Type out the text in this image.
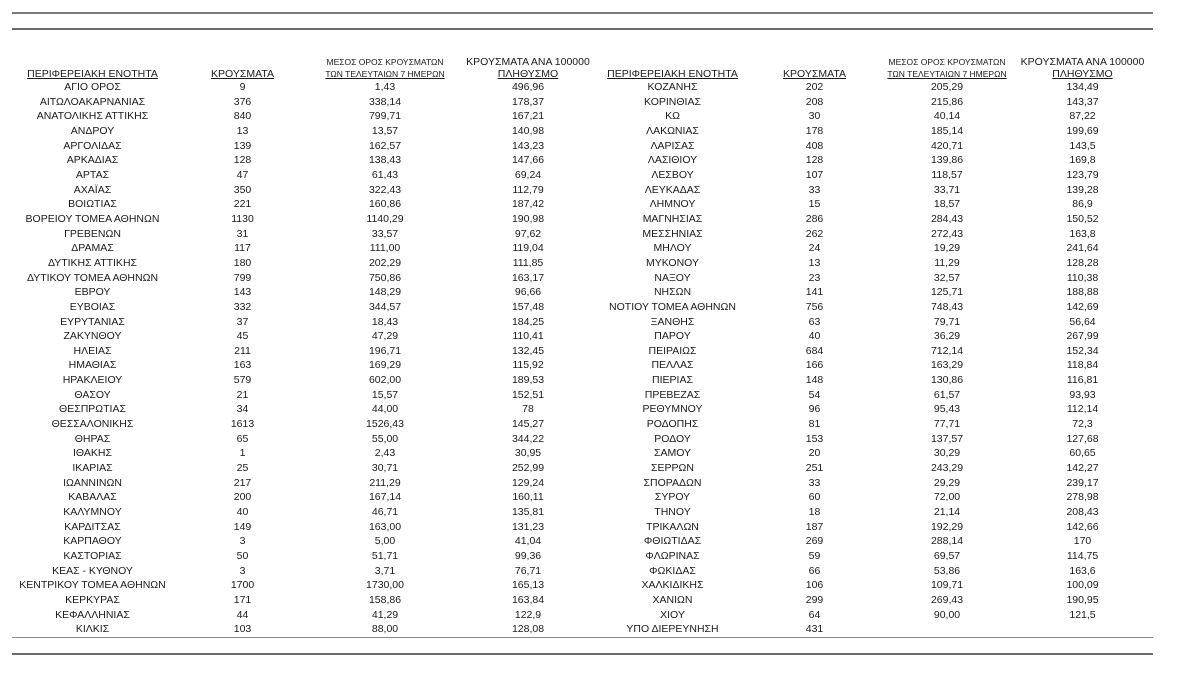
ΠΕΡΙΦΕΡΕΙΑΚΗ ΕΝΟΤΗΤΑ	ΚΡΟΥΣΜΑΤΑ	ΜΕΣΟΣ ΟΡΟΣ ΚΡΟΥΣΜΑΤΩΝ
ΤΩΝ ΤΕΛΕΥΤΑΙΩΝ 7 ΗΜΕΡΩΝ	ΚΡΟΥΣΜΑΤΑ ΑΝΑ 100000
ΠΛΗΘΥΣΜΟ	ΠΕΡΙΦΕΡΕΙΑΚΗ ΕΝΟΤΗΤΑ	ΚΡΟΥΣΜΑΤΑ	ΜΕΣΟΣ ΟΡΟΣ ΚΡΟΥΣΜΑΤΩΝ
ΤΩΝ ΤΕΛΕΥΤΑΙΩΝ 7 ΗΜΕΡΩΝ	ΚΡΟΥΣΜΑΤΑ ΑΝΑ 100000
ΠΛΗΘΥΣΜΟ

ΑΓΙΟ ΟΡΟΣ	9	1,43	496,96	ΚΟΖΑΝΗΣ	202	205,29	134,49
ΑΙΤΩΛΟΑΚΑΡΝΑΝΙΑΣ	376	338,14	178,37	ΚΟΡΙΝΘΙΑΣ	208	215,86	143,37
ΑΝΑΤΟΛΙΚΗΣ ΑΤΤΙΚΗΣ	840	799,71	167,21	ΚΩ	30	40,14	87,22
ΑΝΔΡΟΥ	13	13,57	140,98	ΛΑΚΩΝΙΑΣ	178	185,14	199,69
ΑΡΓΟΛΙΔΑΣ	139	162,57	143,23	ΛΑΡΙΣΑΣ	408	420,71	143,5
ΑΡΚΑΔΙΑΣ	128	138,43	147,66	ΛΑΣΙΘΙΟΥ	128	139,86	169,8
ΑΡΤΑΣ	47	61,43	69,24	ΛΕΣΒΟΥ	107	118,57	123,79
ΑΧΑΪΑΣ	350	322,43	112,79	ΛΕΥΚΑΔΑΣ	33	33,71	139,28
ΒΟΙΩΤΙΑΣ	221	160,86	187,42	ΛΗΜΝΟΥ	15	18,57	86,9
ΒΟΡΕΙΟΥ ΤΟΜΕΑ ΑΘΗΝΩΝ	1130	1140,29	190,98	ΜΑΓΝΗΣΙΑΣ	286	284,43	150,52
ΓΡΕΒΕΝΩΝ	31	33,57	97,62	ΜΕΣΣΗΝΙΑΣ	262	272,43	163,8
ΔΡΑΜΑΣ	117	111,00	119,04	ΜΗΛΟΥ	24	19,29	241,64
ΔΥΤΙΚΗΣ ΑΤΤΙΚΗΣ	180	202,29	111,85	ΜΥΚΟΝΟΥ	13	11,29	128,28
ΔΥΤΙΚΟΥ ΤΟΜΕΑ ΑΘΗΝΩΝ	799	750,86	163,17	ΝΑΞΟΥ	23	32,57	110,38
ΕΒΡΟΥ	143	148,29	96,66	ΝΗΣΩΝ	141	125,71	188,88
ΕΥΒΟΙΑΣ	332	344,57	157,48	ΝΟΤΙΟΥ ΤΟΜΕΑ ΑΘΗΝΩΝ	756	748,43	142,69
ΕΥΡΥΤΑΝΙΑΣ	37	18,43	184,25	ΞΑΝΘΗΣ	63	79,71	56,64
ΖΑΚΥΝΘΟΥ	45	47,29	110,41	ΠΑΡΟΥ	40	36,29	267,99
ΗΛΕΙΑΣ	211	196,71	132,45	ΠΕΙΡΑΙΩΣ	684	712,14	152,34
ΗΜΑΘΙΑΣ	163	169,29	115,92	ΠΕΛΛΑΣ	166	163,29	118,84
ΗΡΑΚΛΕΙΟΥ	579	602,00	189,53	ΠΙΕΡΙΑΣ	148	130,86	116,81
ΘΑΣΟΥ	21	15,57	152,51	ΠΡΕΒΕΖΑΣ	54	61,57	93,93
ΘΕΣΠΡΩΤΙΑΣ	34	44,00	78	ΡΕΘΥΜΝΟΥ	96	95,43	112,14
ΘΕΣΣΑΛΟΝΙΚΗΣ	1613	1526,43	145,27	ΡΟΔΟΠΗΣ	81	77,71	72,3
ΘΗΡΑΣ	65	55,00	344,22	ΡΟΔΟΥ	153	137,57	127,68
ΙΘΑΚΗΣ	1	2,43	30,95	ΣΑΜΟΥ	20	30,29	60,65
ΙΚΑΡΙΑΣ	25	30,71	252,99	ΣΕΡΡΩΝ	251	243,29	142,27
ΙΩΑΝΝΙΝΩΝ	217	211,29	129,24	ΣΠΟΡΑΔΩΝ	33	29,29	239,17
ΚΑΒΑΛΑΣ	200	167,14	160,11	ΣΥΡΟΥ	60	72,00	278,98
ΚΑΛΥΜΝΟΥ	40	46,71	135,81	ΤΗΝΟΥ	18	21,14	208,43
ΚΑΡΔΙΤΣΑΣ	149	163,00	131,23	ΤΡΙΚΑΛΩΝ	187	192,29	142,66
ΚΑΡΠΑΘΟΥ	3	5,00	41,04	ΦΘΙΩΤΙΔΑΣ	269	288,14	170
ΚΑΣΤΟΡΙΑΣ	50	51,71	99,36	ΦΛΩΡΙΝΑΣ	59	69,57	114,75
ΚΕΑΣ - ΚΥΘΝΟΥ	3	3,71	76,71	ΦΩΚΙΔΑΣ	66	53,86	163,6
ΚΕΝΤΡΙΚΟΥ ΤΟΜΕΑ ΑΘΗΝΩΝ	1700	1730,00	165,13	ΧΑΛΚΙΔΙΚΗΣ	106	109,71	100,09
ΚΕΡΚΥΡΑΣ	171	158,86	163,84	ΧΑΝΙΩΝ	299	269,43	190,95
ΚΕΦΑΛΛΗΝΙΑΣ	44	41,29	122,9	ΧΙΟΥ	64	90,00	121,5
ΚΙΛΚΙΣ	103	88,00	128,08	ΥΠΟ ΔΙΕΡΕΥΝΗΣΗ	431		
